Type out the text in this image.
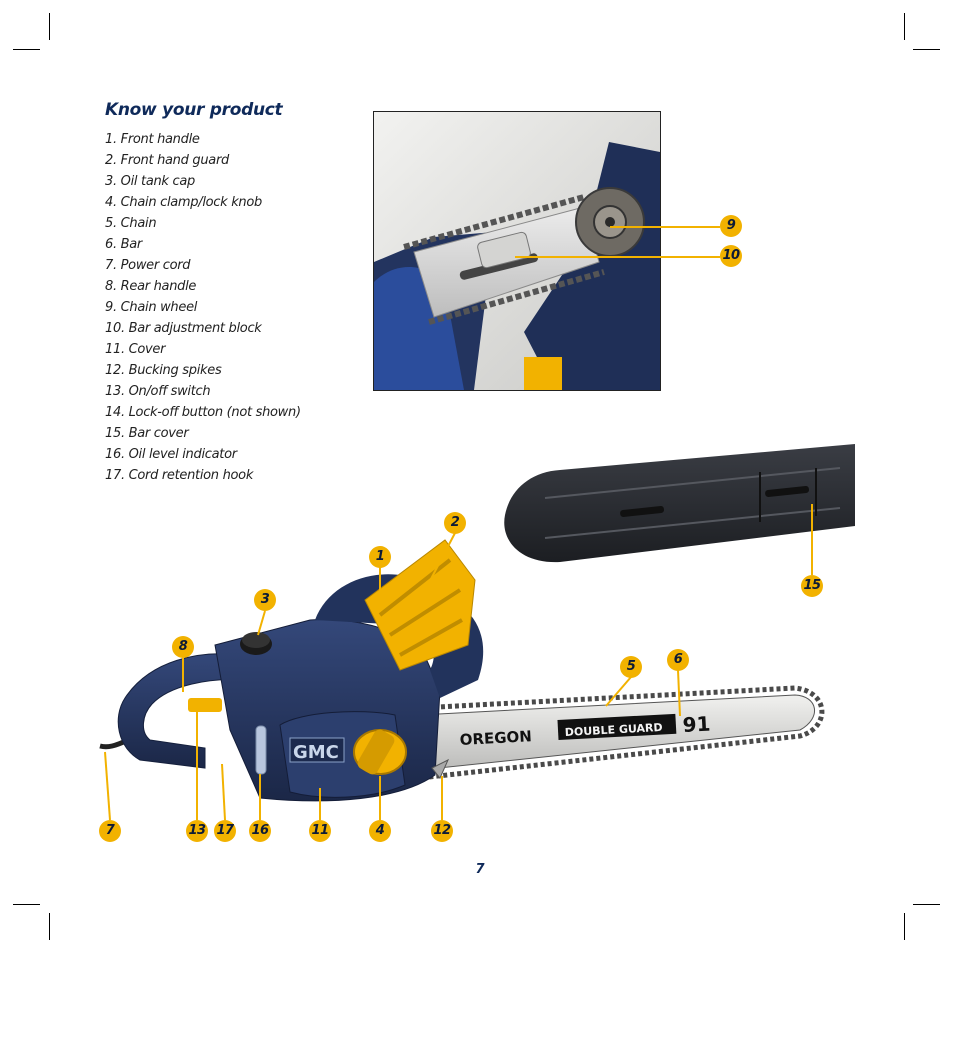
Know your product
1. Front handle
2. Front hand guard
3. Oil tank cap
4. Chain clamp/lock knob
5. Chain
6. Bar
7. Power cord
8. Rear handle
9. Chain wheel
10. Bar adjustment block
11. Cover
12. Bucking spikes
13. On/off switch
14. Lock-off button (not shown)
15. Bar cover
16. Oil level indicator
17. Cord retention hook
OREGON	DOUBLE GUARD 91
GMC
1
2
3
8
5	6
9
10
15
7	13 17 16	11	4	12
7
